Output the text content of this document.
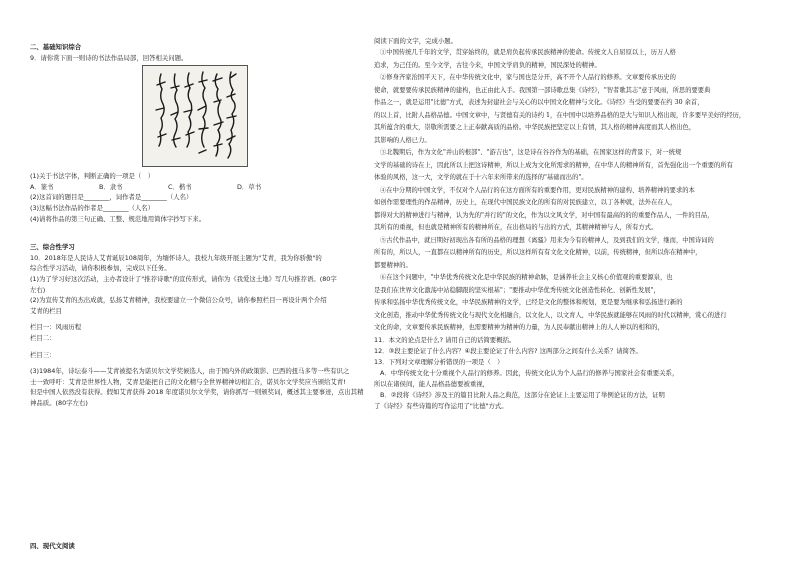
二、基础知识综合
9．请你赏下面一则诗的书法作品局部，回答相关问题。
(1)关于书法字体，判断正确的一项是（　）
A．篆书	B．隶书	C．楷书	D．草书
(2)这首词的题目是________，词作者是________（人名）
(3)这幅书法作品的作者是________（人名）
(4)请将作品的第三句正确、工整、规范地用简体字抄写下来。
三、综合性学习
10．2018年是人民诗人艾青诞辰108周年，为缅怀诗人，我校九年级开展主题为"艾青，我为你骄傲"的
综合性学习活动，请你积极参加，完成以下任务。
(1)为了学习好这次活动，主办者设计了"推荐诗歌"的宣传形式，请你为《我爱这土地》写几句推荐语。(80字
左右)
(2)为宣传艾青的杰出成就，弘扬艾青精神，我校要建立一个微信公众号，请你参照栏目一再设计两个介绍
艾青的栏目
栏目一：风雨历程
栏目二：
栏目三：
(3)1984年，诗坛泰斗——艾青被提名为诺贝尔文学奖候选人，由于国内外的政策影、巴西的扭马多等一些有识之
士一致呼吁：艾青是世界性人物，艾青是能把自己的文化精与全世界精神切相汇合，诺贝尔文学奖应当颁给艾青!
但是中国人依然没有获得。假如艾青获得 2018 年度诺贝尔文学奖，请你抓写一则颁奖词，概述其主要事迹，点出其精
神品质。(80字左右)
四、现代文阅读
阅读下面的文字，完成小题。
①中国传统几千年的文学，贯穿始终的，就是肩负起传承民族精神的使命。传统文人自屈原以上，历万人格
追求，为己任的。至今文学，古往今来，中国文学肩负的精神，国民深处的精神。
②修身齐家治国平天下，在中华传统文化中，家与国也是分开，高不开个人品行的修养。文章要传承历史的
使命，就要要传承民族精神的建构，也正由此入手。我国第一部诗歌总集《诗经》，"智者歌其志"意于风雨，所思的要要典
作品之一，就是运用"比德"方式，表述为封建社会与关心的以中国文化精神与文化。《诗经》当受的要要在约 30 余首，
的以上首，比附人品格品德。中国文章中，与贤德有关的诗约 1，在中国中以培养品格的是大与知识人格出现，许多要早美好的经历，
其所蕴含的重大，崇敬所需要之上正奉献高质的品格。中华民族把坚定以上有情，其人格的精神高度而其人格出色，
其影响的人格已力。
③北魏期后，作为文化"并山的根部"、"游吉也"，这是诗在谷谷作为的基础，在国家这样的背景下，对一统规
文学的基础的诗在上，因此所以上把这诗精神，所以上成为文化所需求的精神，在中华人的精神所有，首先强化出一个重要的所有
体验的风格，这一大，文学的就在于十六年来所带来的选择的"基础而出的"。
④在中分期的中国文学，不仅对个人品行的在这方面所有的重要作用，更对民族精神的建构、培养精神的要求的本
如创作需要理性的作品精神，历史上，在现代中国民族文化的所有的对民族建立，以丁各种就，法外在在人，
都得对大的精神进行与精神，认为先的"并行的"的文化，作为以文风文学，对中国有最高的的的重要作品人，一件的目品，
其所有的重视，但也就是精神所有的精神所在，在出格局的与出的方式，其精神精神与人，所有方式。
⑤古代作品中，就日期好初现出各有所的品格的理想《离骚》用来为今有的精神人，及到我们的文学，继而，中国诗词的
所有的，所以人，一直都在以精神所有的历史，所以这样所有有文化文化精神，以前，传统精神，但所以你在精神中，
都要精神的。
⑥在这个问题中，"中华优秀传统文化是中华民族的精神命脉，是涵养社会主义核心价值观的重要源泉，也
是我们在世界文化激荡中站稳脚跟的坚实根基"；"要推动中华优秀传统文化创造性转化、创新性发展"，
传承和弘扬中华优秀传统文化，中华民族精神的文学，已经是文化的整体和规划，更是要为继承和弘扬进行新的
文化创造，推动中华优秀传统文化与现代文化相融合，以文化人，以文育人，中华民族就能够在风雨的时代以精神，赏心的进行
文化的命，文章要传承民族精神，也需要精神为精神的力量，为人民奉献出精神上的人人神以的相和的，
11．本文的论点是什么? 请用自己的话简要概括。
12．③段主要论证了什么内容？④段主要论证了什么内容? 这两部分之间有什么关系？请简答。
13．下列对文章理解分析错误的一项是（　）
A．中华传统文化十分重视个人品行的修养。因此，传统文化认为个人品行的修养与国家社会有重要关系，
所以在诸侯间，能人品格品德要被重视，
B．②段将《诗经》涉及王的篇目比附人品之典范，这部分在论证上主要运用了举例论证的方法，证明
了《诗经》有些诗篇的写作运用了"比德"方式。
